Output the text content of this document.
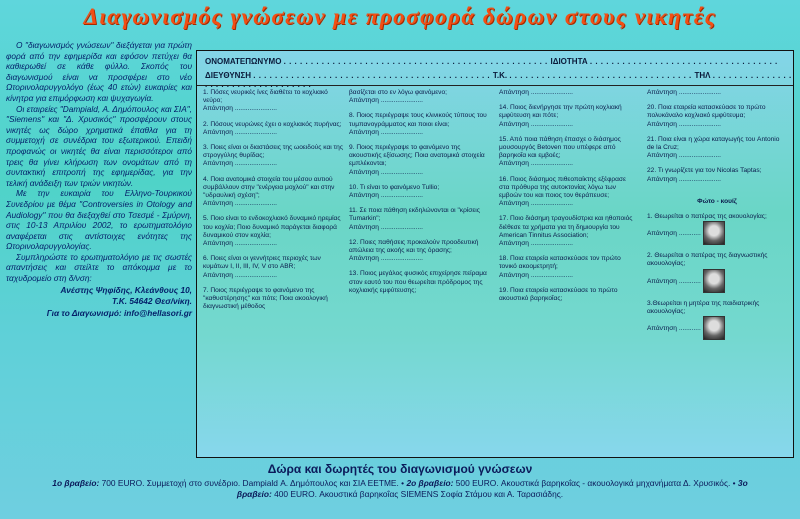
Διαγωνισμός γνώσεων με προσφορά δώρων στους νικητές

Ο "διαγωνισμός γνώσεων" διεξάγεται για πρώτη φορά από την εφημερίδα και εφόσον πετύχει θα καθιερωθεί σε κάθε φύλλο. Σκοπός του διαγωνισμού είναι να προσφέρει στο νέο Ωτορινολαρυγγολόγο (έως 40 ετών) ευκαιρίες και κίνητρα για επιμόρφωση και ψυχαγωγία.

Οι εταιρείες "Dampiald, Α. Δημόπουλος και ΣΙΑ", "Siemens" και "Δ. Χρυσικός" προσφέρουν στους νικητές ως δώρο χρηματικά έπαθλα για τη συμμετοχή σε συνέδρια του εξωτερικού. Επειδή προφανώς οι νικητές θα είναι περισσότεροι από τρεις θα γίνει κλήρωση των ονομάτων από τη συντακτική επιτροπή της εφημερίδας, για την τελική ανάδειξη των τριών νικητών.

Με την ευκαιρία του Ελληνο-Τουρκικού Συνεδρίου με θέμα "Controversies in Otology and Audiology" που θα διεξαχθεί στο Τσεσμέ - Σμύρνη, στις 10-13 Απριλίου 2002, το ερωτηματολόγιο αναφέρεται στις αντίστοιχες ενότητες της Ωτορινολαρυγγολογίας.

Συμπληρώστε το ερωτηματολόγιο με τις σωστές απαντήσεις και στείλτε το απόκομμα με το ταχυδρομείο στη δ/νση:

Ανέστης Ψηφίδης, Κλεάνθους 10,

Τ.Κ. 54642 Θεσ/νίκη.

Για το Διαγωνισμό: info@hellasori.gr

ΟΝΟΜΑΤΕΠΩΝΥΜΟ . . . . . . . . . . . . . . . . . . . . . . . . . . . . . . . . . . . . . . . . . . . . . . . . . ΙΔΙΟΤΗΤΑ . . . . . . . . . . . . . . . . . . . . . . . . . . . . . . . . . . .
ΔΙΕΥΘΥΝΣΗ . . . . . . . . . . . . . . . . . . . . . . . . . . . . . . . . . . . . . . . . . . . . Τ.Κ. . . . . . . . . . . . . . . . . . . . . . . . . . . . . . . . . . . ΤΗΛ . . . . . . . . . . . . . . . . . . . . . . . . . . . . . . . . . . .
1. Πόσες νευρικές ίνες διαθέτει το κοχλιακό νεύρο;
Απάντηση .......................
2. Πόσους νευρώνες έχει ο κοχλιακός πυρήνας;
Απάντηση .......................
3. Ποιες είναι οι διαστάσεις της ωοειδούς και της στρογγύλης θυρίδας;
Απάντηση .......................
4. Ποια ανατομικά στοιχεία του μέσου αυτιού συμβάλλουν στην "ενέργεια μοχλού" και στην "υδραυλική σχέση";
Απάντηση .......................
5. Ποιο είναι το ενδοκοχλιακό δυναμικό ηρεμίας του κοχλία; Ποιο δυναμικό παράγεται διαφορά δυναμικού στον κοχλία;
Απάντηση .......................
6. Ποιες είναι οι γεννήτριες περιοχές των κυμάτων I, II, III, IV, V στο ABR;
Απάντηση .......................
7. Ποιος περιέγραψε το φαινόμενο της "καθυστέρησης" και πότε; Ποια ακοολογική διαγνωστική μέθοδος
βασίζεται στο εν λόγω φαινόμενο;
Απάντηση .......................
8. Ποιος περιέγραψε τους κλινικούς τύπους του τυμπανογράμματος και ποιοι είναι;
Απάντηση .......................
9. Ποιος περιέγραψε το φαινόμενο της ακουστικής εξίσωσης; Ποια ανατομικά στοιχεία εμπλέκονται;
Απάντηση .......................
10. Τι είναι το φαινόμενο Tullio;
Απάντηση .......................
11. Σε ποια πάθηση εκδηλώνονται οι "κρίσεις Tumarkin";
Απάντηση .......................
12. Ποιες παθήσεις προκαλούν προοδευτική απώλεια της ακοής και της όρασης;
Απάντηση .......................
13. Ποιος μεγάλος φυσικός επιχείρησε πείραμα στον εαυτό του που θεωρείται πρόδρομος της κοχλιακής εμφύτευσης;
Απάντηση .......................
14. Ποιος διενήργησε την πρώτη κοχλιακή εμφύτευση και πότε;
Απάντηση .......................
15. Από ποια πάθηση έπασχε ο διάσημος μουσουργός Betoven που υπέφερε από βαρηκοΐα και εμβοές;
Απάντηση .......................
16. Ποιος διάσημος πιθεοπαίκτης εξέφρασε στα πρόθυρα της αυτοκτονίας λόγω των εμβοών του και ποιος τον θεράπευσε;
Απάντηση .......................
17. Ποιο διάσημη τραγουδίστρια και ηθοποιός διέθεσε τα χρήματα για τη δημιουργία του American Tinnitus Association;
Απάντηση .......................
18. Ποια εταιρεία κατασκεύασε τον πρώτο τονικό ακοομετρητή;
Απάντηση .......................
19. Ποια εταιρεία κατασκεύασε το πρώτο ακουστικό βαρηκοΐας;
Απάντηση .......................
20. Ποια εταιρεία κατασκεύασε το πρώτο πολυκάναλο κοχλιακό εμφύτευμα;
Απάντηση .......................
21. Ποια είναι η χώρα καταγωγής του Antonio de la Cruz;
Απάντηση .......................
22. Τι γνωρίζετε για τον Nicolas Taptas;
Απάντηση .......................
Φώτο - κουίζ
1. Θεωρείται ο πατέρας της ακουολογίας;
Απάντηση ............
2. Θεωρείται ο πατέρας της διαγνωστικής ακουολογίας;
Απάντηση ............
3.Θεωρείται η μητέρα της παιδιατρικής ακουολογίας;
Απάντηση ............
Δώρα και δωρητές του διαγωνισμού γνώσεων
1ο βραβείο: 700 EURO. Συμμετοχή στο συνέδριο. Dampiald Α. Δημόπουλος και ΣΙΑ ΕΕΤΜΕ. • 2ο βραβείο: 500 EURO. Ακουστικά βαρηκοΐας - ακουολογικά μηχανήματα Δ. Χρυσικός. • 3ο βραβείο: 400 EURO. Ακουστικά βαρηκοΐας SIEMENS Σοφία Στάμου και Α. Ταρασιάδης.
